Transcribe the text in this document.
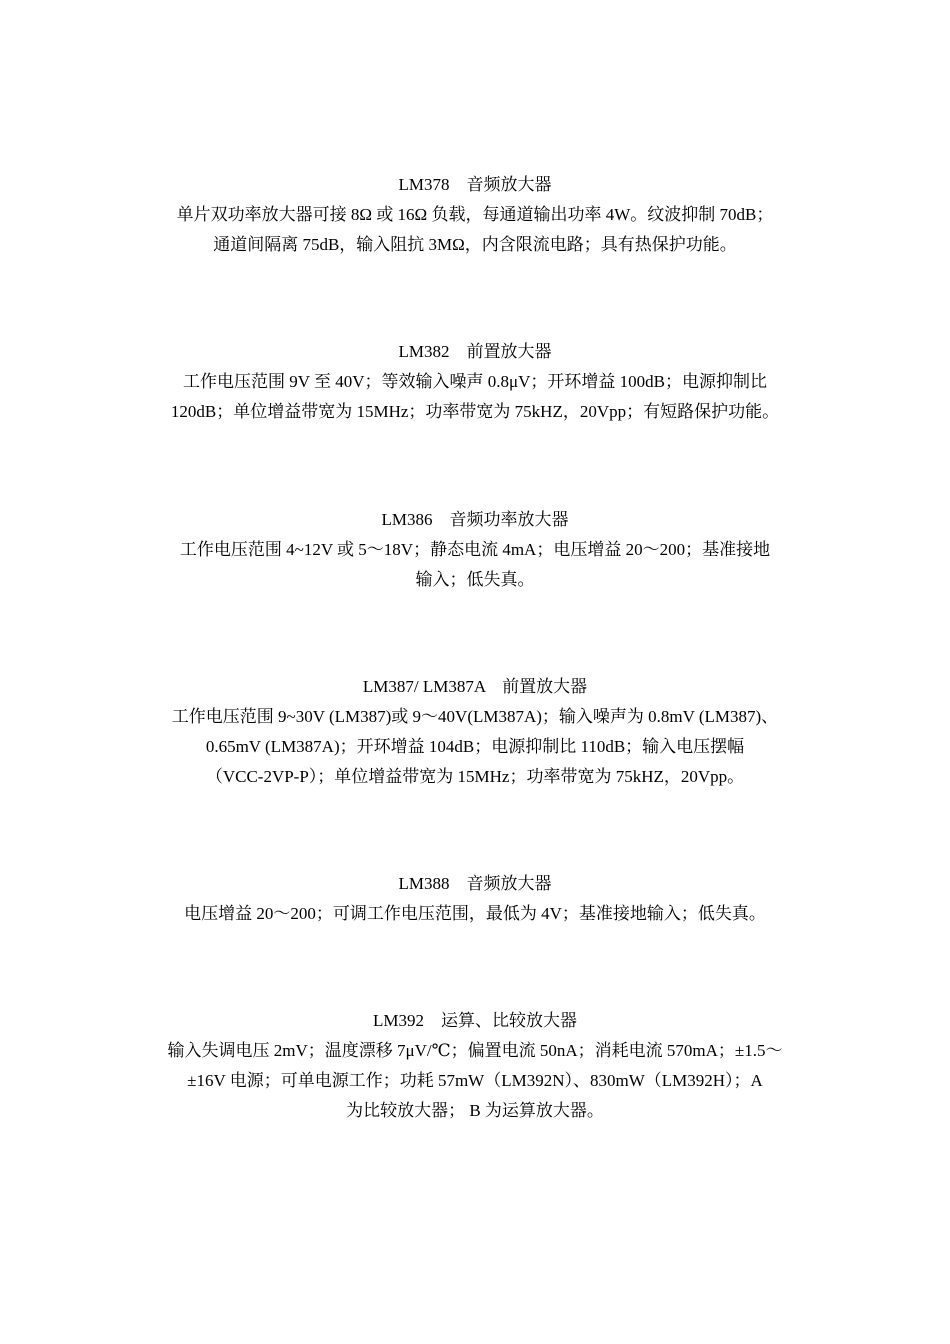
LM378　音频放大器
单片双功率放大器可接 8Ω 或 16Ω 负载，每通道输出功率 4W。纹波抑制 70dB；
通道间隔离 75dB，输入阻抗 3MΩ，内含限流电路；具有热保护功能。
LM382　前置放大器
工作电压范围 9V 至 40V；等效输入噪声 0.8μV；开环增益 100dB；电源抑制比
120dB；单位增益带宽为 15MHz；功率带宽为 75kHZ，20Vpp；有短路保护功能。
LM386　音频功率放大器
工作电压范围 4~12V 或 5～18V；静态电流 4mA；电压增益 20～200；基准接地
输入；低失真。
LM387/ LM387A　前置放大器
工作电压范围 9~30V (LM387)或 9～40V(LM387A)；输入噪声为 0.8mV (LM387)、
0.65mV (LM387A)；开环增益 104dB；电源抑制比 110dB；输入电压摆幅
（VCC-2VP-P）；单位增益带宽为 15MHz；功率带宽为 75kHZ，20Vpp。
LM388　音频放大器
电压增益 20～200；可调工作电压范围，最低为 4V；基准接地输入；低失真。
LM392　运算、比较放大器
输入失调电压 2mV；温度漂移 7μV/℃；偏置电流 50nA；消耗电流 570mA；±1.5～
±16V 电源；可单电源工作；功耗 57mW（LM392N）、830mW（LM392H）；A
为比较放大器； B 为运算放大器。
